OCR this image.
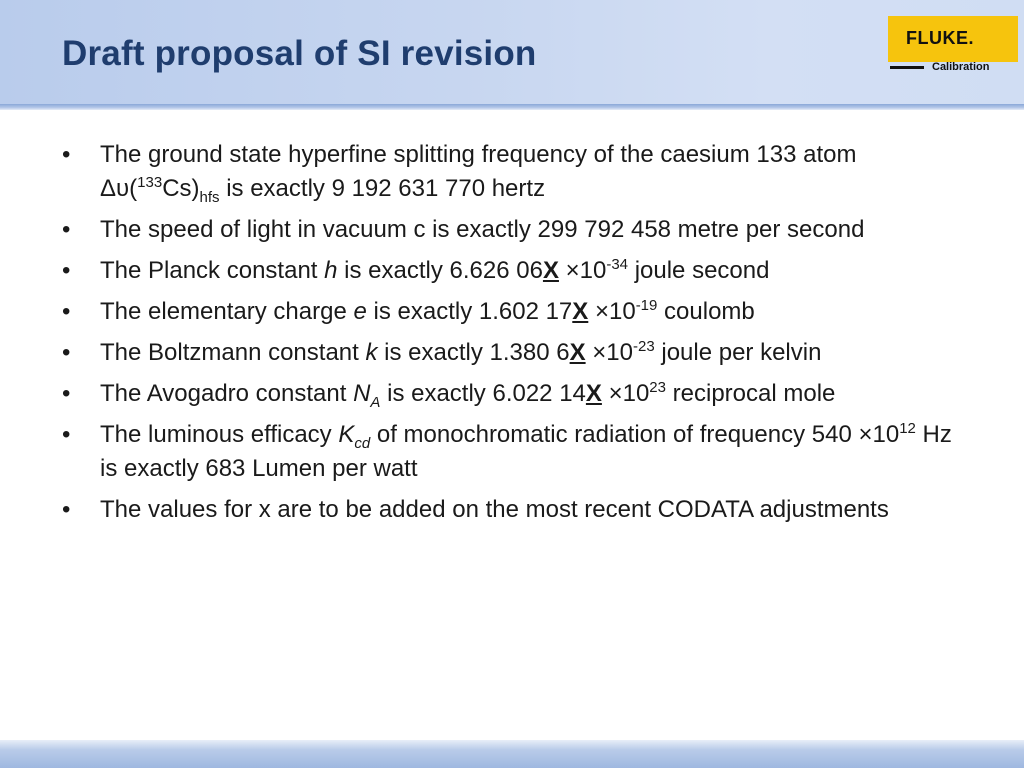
Draft proposal of SI revision	FLUKE.
Calibration
• The ground state hyperfine splitting frequency of the caesium 133 atom $\Delta\upsilon(^{133}Cs)_{hfs}$ is exactly 9 192 631 770 hertz
• The speed of light in vacuum c is exactly 299 792 458 metre per second
• The Planck constant h is exactly 6.626 $06X \times 10^{-34}$ joule second
• The elementary charge e is exactly 1.602 $17X \times 10^{-19}$ coulomb
• The Boltzmann constant k is exactly 1.380 $6X \times 10^{-23}$ joule per kelvin
• The Avogadro constant $N_A$ is exactly 6.022 $14X \times 10^{23}$ reciprocal mole
• The luminous efficacy $K_{cd}$ of monochromatic radiation of frequency $540 \times 10^{12}$ Hz is exactly 683 Lumen per watt
• The values for x are to be added on the most recent CODATA adjustments
